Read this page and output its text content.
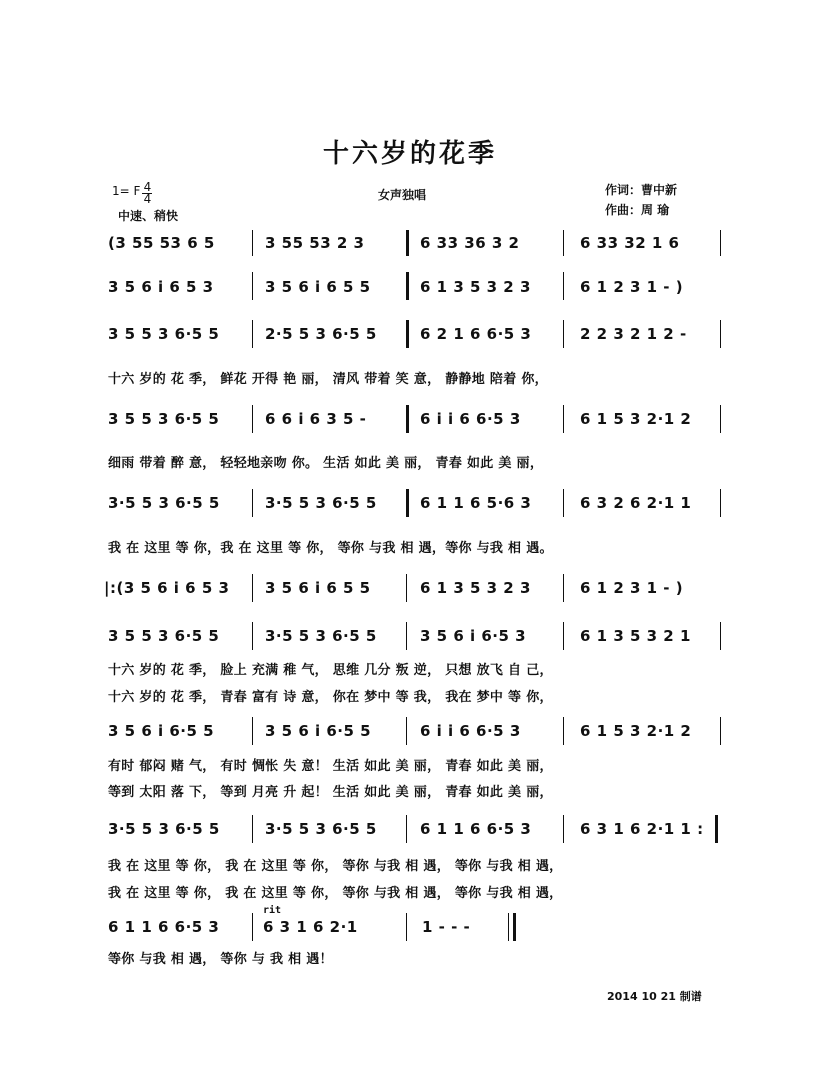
十六岁的花季
1= F $\frac{4}{4}$
中速、稍快
女声独唱	作词：曹中新
作曲：周 瑜
(3 55 53 6 5	3 55 53 2 3	6 33 36 3 2	6 33 32 1 6
3 5 6 i 6 5 3	3 5 6 i 6 5 5	6 1 3 5 3 2 3	6 1 2 3 1 - )
3 5 5 3 6·5 5	2·5 5 3 6·5 5	6 2 1 6 6·5 3	2 2 3 2 1 2 -
十六 岁的 花 季， 鲜花 开得 艳 丽， 清风 带着 笑 意， 静静地 陪着 你，
3 5 5 3 6·5 5	6 6 i 6 3 5 -	6 i i 6 6·5 3	6 1 5 3 2·1 2
细雨 带着 醉 意， 轻轻地亲吻 你。 生活 如此 美 丽， 青春 如此 美 丽，
3·5 5 3 6·5 5	3·5 5 3 6·5 5	6 1 1 6 5·6 3	6 3 2 6 2·1 1
我 在 这里 等 你，我 在 这里 等 你， 等你 与我 相 遇，等你 与我 相 遇。
|:(3 5 6 i 6 5 3 3 5 6 i 6 5 5	6 1 3 5 3 2 3	6 1 2 3 1 - )
3 5 5 3 6·5 5	3·5 5 3 6·5 5	3 5 6 i 6·5 3	6 1 3 5 3 2 1
十六 岁的 花 季， 脸上 充满 稚 气， 思维 几分 叛 逆， 只想 放飞 自 己，
十六 岁的 花 季， 青春 富有 诗 意， 你在 梦中 等 我， 我在 梦中 等 你，
3 5 6 i 6·5 5	3 5 6 i 6·5 5	6 i i 6 6·5 3	6 1 5 3 2·1 2
有时 郁闷 赌 气， 有时 惆怅 失 意！ 生活 如此 美 丽， 青春 如此 美 丽，
等到 太阳 落 下， 等到 月亮 升 起！ 生活 如此 美 丽， 青春 如此 美 丽，
3·5 5 3 6·5 5	3·5 5 3 6·5 5	6 1 1 6 6·5 3	6 3 1 6 2·1 1 :
我 在 这里 等 你， 我 在 这里 等 你， 等你 与我 相 遇， 等你 与我 相 遇，
我 在 这里 等 你， 我 在 这里 等 你， 等你 与我 相 遇， 等你 与我 相 遇，
rit
6 1 1 6 6·5 3	6 3 1 6 2·1	1 - - -
等你 与我 相 遇， 等你 与 我 相 遇！
2014 10 21 制谱
